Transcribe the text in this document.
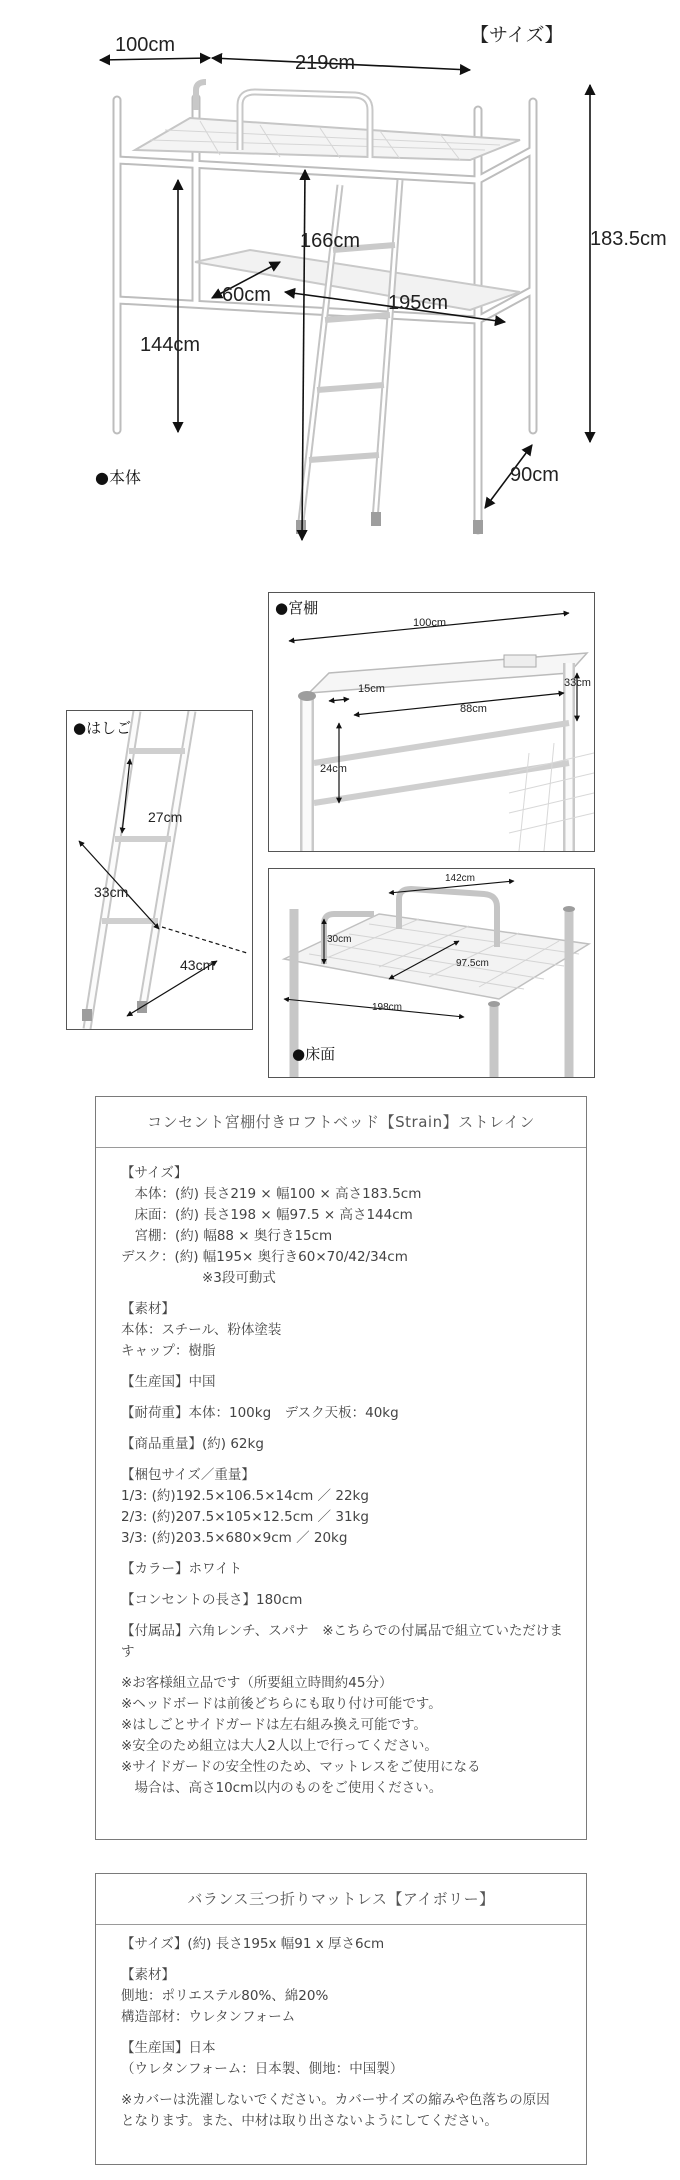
【サイズ】
100cm
219cm
166cm	183.5cm
60cm	195cm
144cm
90cm
●本体
●宮棚
100cm
15cm
88cm
33cm
24cm
●はしご
27cm
33cm
43cm
142cm
30cm
97.5cm
198cm
●床面
コンセント宮棚付きロフトベッド【Strain】ストレイン
【サイズ】
　本体：(約) 長さ219 × 幅100 × 高さ183.5cm
　床面：(約) 長さ198 × 幅97.5 × 高さ144cm
　宮棚：(約) 幅88 × 奥行き15cm
デスク：(約) 幅195× 奥行き60×70/42/34cm
　　　　　　※3段可動式
【素材】
本体：スチール、粉体塗装
キャップ：樹脂
【生産国】中国
【耐荷重】本体：100kg　デスク天板：40kg
【商品重量】(約) 62kg
【梱包サイズ／重量】
1/3: (約)192.5×106.5×14cm ／ 22kg
2/3: (約)207.5×105×12.5cm ／ 31kg
3/3: (約)203.5×680×9cm ／ 20kg
【カラー】ホワイト
【コンセントの長さ】180cm
【付属品】六角レンチ、スパナ　※こちらでの付属品で組立ていただけます
※お客様組立品です（所要組立時間約45分）
※ヘッドボードは前後どちらにも取り付け可能です。
※はしごとサイドガードは左右組み換え可能です。
※安全のため組立は大人2人以上で行ってください。
※サイドガードの安全性のため、マットレスをご使用になる
　場合は、高さ10cm以内のものをご使用ください。
バランス三つ折りマットレス【アイボリー】
【サイズ】(約) 長さ195x 幅91 x 厚さ6cm
【素材】
側地：ポリエステル80%、綿20%
構造部材：ウレタンフォーム
【生産国】日本
（ウレタンフォーム：日本製、側地：中国製）
※カバーは洗濯しないでください。カバーサイズの縮みや色落ちの原因となります。また、中材は取り出さないようにしてください。
